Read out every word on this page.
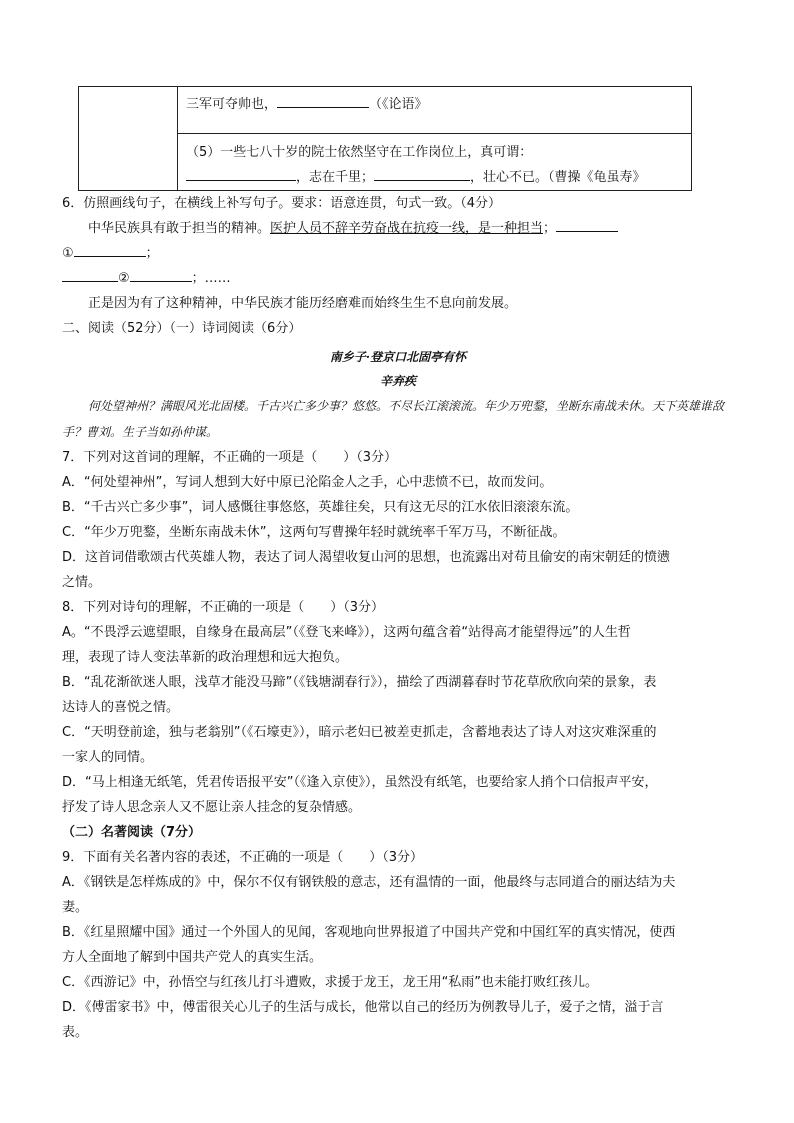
	三军可夺帅也，	（《论语》

（5）一些七八十岁的院士依然坚守在工作岗位上，真可谓：
，志在千里；	，壮心不已。（曹操《龟虽寿》
6．仿照画线句子，在横线上补写句子。要求：语意连贯，句式一致。（4分）
中华民族具有敢于担当的精神。医护人员不辞辛劳奋战在抗疫一线，是一种担当；
①	；
②	；……
正是因为有了这种精神，中华民族才能历经磨难而始终生生不息向前发展。
二、阅读（52分）（一）诗词阅读（6分）
南乡子·登京口北固亭有怀
辛弃疾
何处望神州？满眼风光北固楼。千古兴亡多少事？悠悠。不尽长江滚滚流。年少万兜鍪，坐断东南战未休。天下英雄谁敌手？曹刘。生子当如孙仲谋。
7．下列对这首词的理解，不正确的一项是（　　）（3分）
A．“何处望神州”，写词人想到大好中原已沦陷金人之手，心中悲愤不已，故而发问。
B．“千古兴亡多少事”，词人感慨往事悠悠，英雄往矣，只有这无尽的江水依旧滚滚东流。
C．“年少万兜鍪，坐断东南战未休”，这两句写曹操年轻时就统率千军万马，不断征战。
D．这首词借歌颂古代英雄人物，表达了词人渴望收复山河的思想，也流露出对苟且偷安的南宋朝廷的愤懑
之情。
8．下列对诗句的理解，不正确的一项是（　　）（3分）
A。“不畏浮云遮望眼，自缘身在最高层”（《登飞来峰》），这两句蕴含着“站得高才能望得远”的人生哲
理，表现了诗人变法革新的政治理想和远大抱负。
B．“乱花渐欲迷人眼，浅草才能没马蹄”（《钱塘湖春行》），描绘了西湖暮春时节花草欣欣向荣的景象，表
达诗人的喜悦之情。
C．“天明登前途，独与老翁别”（《石壕吏》），暗示老妇已被差吏抓走，含蓄地表达了诗人对这灾难深重的
一家人的同情。
D．“马上相逢无纸笔，凭君传语报平安”（《逢入京使》），虽然没有纸笔，也要给家人捎个口信报声平安，
抒发了诗人思念亲人又不愿让亲人挂念的复杂情感。
（二）名著阅读（7分）
9．下面有关名著内容的表述，不正确的一项是（　　）（3分）
A．《钢铁是怎样炼成的》中，保尔不仅有钢铁般的意志，还有温情的一面，他最终与志同道合的丽达结为夫
妻。
B．《红星照耀中国》通过一个外国人的见闻，客观地向世界报道了中国共产党和中国红军的真实情况，使西
方人全面地了解到中国共产党人的真实生活。
C．《西游记》中，孙悟空与红孩儿打斗遭败，求援于龙王，龙王用“私雨”也未能打败红孩儿。
D．《傅雷家书》中，傅雷很关心儿子的生活与成长，他常以自己的经历为例教导儿子，爱子之情，溢于言
表。
